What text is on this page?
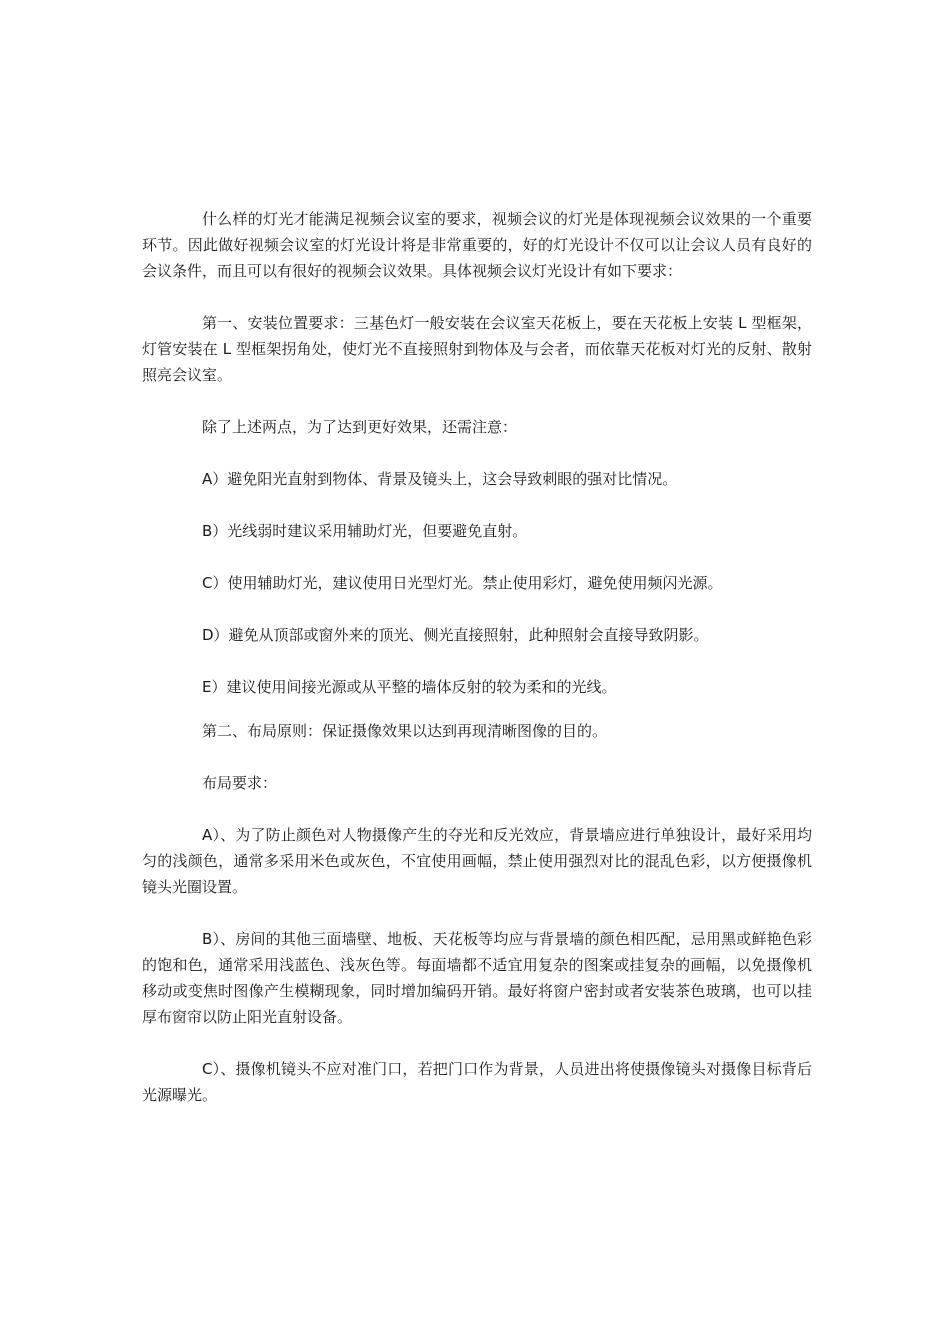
什么样的灯光才能满足视频会议室的要求，视频会议的灯光是体现视频会议效果的一个重要环节。因此做好视频会议室的灯光设计将是非常重要的，好的灯光设计不仅可以让会议人员有良好的会议条件，而且可以有很好的视频会议效果。具体视频会议灯光设计有如下要求：

第一、安装位置要求：三基色灯一般安装在会议室天花板上，要在天花板上安装 L 型框架，灯管安装在 L 型框架拐角处，使灯光不直接照射到物体及与会者，而依靠天花板对灯光的反射、散射照亮会议室。

除了上述两点，为了达到更好效果，还需注意：

A）避免阳光直射到物体、背景及镜头上，这会导致刺眼的强对比情况。

B）光线弱时建议采用辅助灯光，但要避免直射。

C）使用辅助灯光，建议使用日光型灯光。禁止使用彩灯，避免使用频闪光源。

D）避免从顶部或窗外来的顶光、侧光直接照射，此种照射会直接导致阴影。

E）建议使用间接光源或从平整的墙体反射的较为柔和的光线。

第二、布局原则：保证摄像效果以达到再现清晰图像的目的。

布局要求：

A）、为了防止颜色对人物摄像产生的夺光和反光效应，背景墙应进行单独设计，最好采用均匀的浅颜色，通常多采用米色或灰色，不宜使用画幅，禁止使用强烈对比的混乱色彩，以方便摄像机镜头光圈设置。

B）、房间的其他三面墙壁、地板、天花板等均应与背景墙的颜色相匹配，忌用黑或鲜艳色彩的饱和色，通常采用浅蓝色、浅灰色等。每面墙都不适宜用复杂的图案或挂复杂的画幅，以免摄像机移动或变焦时图像产生模糊现象，同时增加编码开销。最好将窗户密封或者安装茶色玻璃，也可以挂厚布窗帘以防止阳光直射设备。

C）、摄像机镜头不应对准门口，若把门口作为背景，人员进出将使摄像镜头对摄像目标背后光源曝光。
